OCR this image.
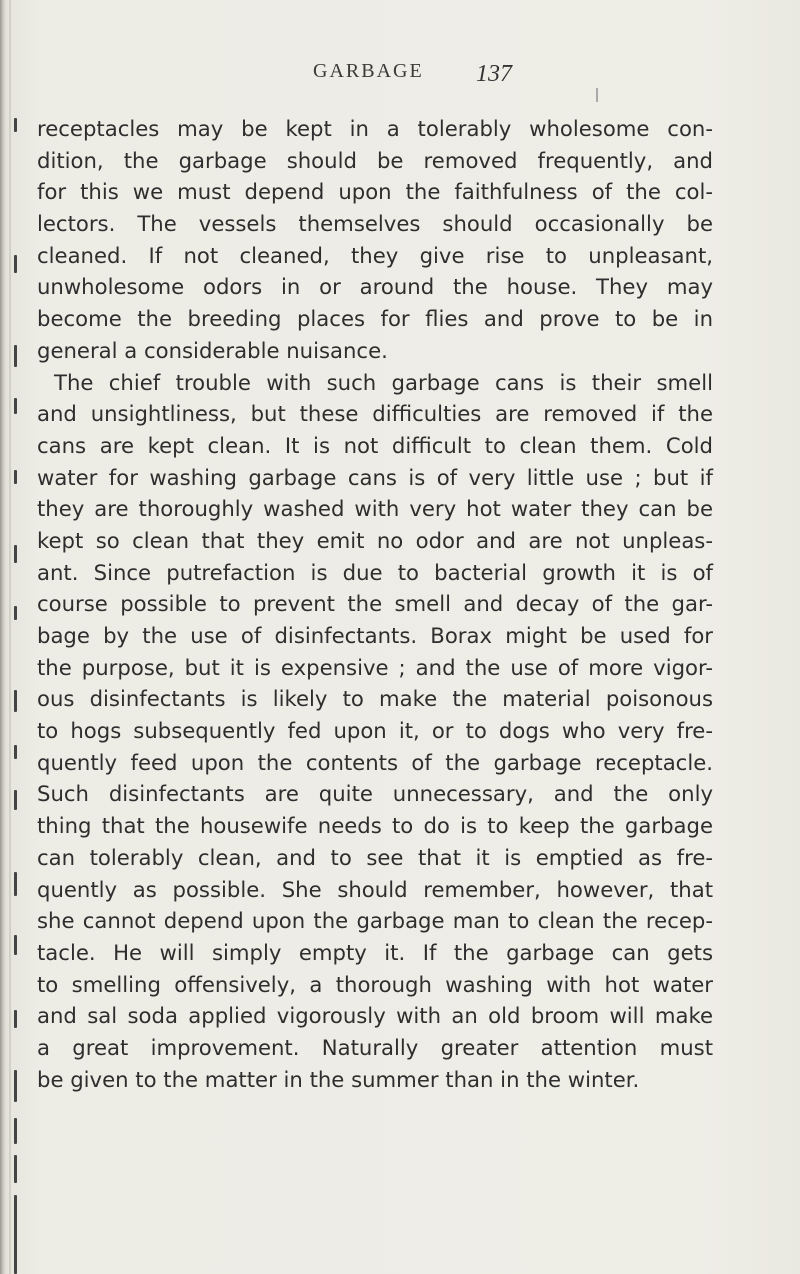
GARBAGE 137
receptacles may be kept in a tolerably wholesome con-
dition, the garbage should be removed frequently, and
for this we must depend upon the faithfulness of the col-
lectors. The vessels themselves should occasionally be
cleaned. If not cleaned, they give rise to unpleasant,
unwholesome odors in or around the house. They may
become the breeding places for flies and prove to be in
general a considerable nuisance.
The chief trouble with such garbage cans is their smell
and unsightliness, but these difficulties are removed if the
cans are kept clean. It is not difficult to clean them. Cold
water for washing garbage cans is of very little use ; but if
they are thoroughly washed with very hot water they can be
kept so clean that they emit no odor and are not unpleas-
ant. Since putrefaction is due to bacterial growth it is of
course possible to prevent the smell and decay of the gar-
bage by the use of disinfectants. Borax might be used for
the purpose, but it is expensive ; and the use of more vigor-
ous disinfectants is likely to make the material poisonous
to hogs subsequently fed upon it, or to dogs who very fre-
quently feed upon the contents of the garbage receptacle.
Such disinfectants are quite unnecessary, and the only
thing that the housewife needs to do is to keep the garbage
can tolerably clean, and to see that it is emptied as fre-
quently as possible. She should remember, however, that
she cannot depend upon the garbage man to clean the recep-
tacle. He will simply empty it. If the garbage can gets
to smelling offensively, a thorough washing with hot water
and sal soda applied vigorously with an old broom will make
a great improvement. Naturally greater attention must
be given to the matter in the summer than in the winter.
